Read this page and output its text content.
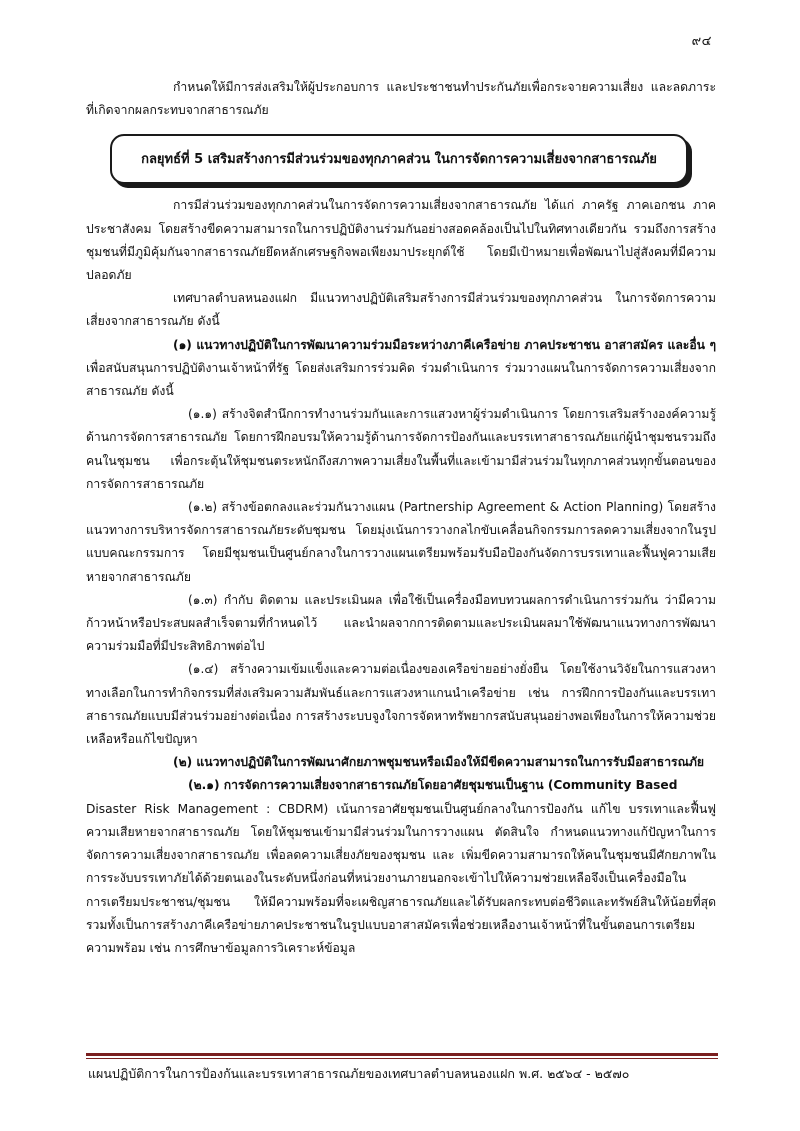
๙๔

กำหนดให้มีการส่งเสริมให้ผู้ประกอบการ และประชาชนทำประกันภัยเพื่อกระจายความเสี่ยง และลดภาระที่เกิดจากผลกระทบจากสาธารณภัย

กลยุทธ์ที่ 5 เสริมสร้างการมีส่วนร่วมของทุกภาคส่วน ในการจัดการความเสี่ยงจากสาธารณภัย

การมีส่วนร่วมของทุกภาคส่วนในการจัดการความเสี่ยงจากสาธารณภัย ได้แก่ ภาครัฐ ภาคเอกชน ภาคประชาสังคม โดยสร้างขีดความสามารถในการปฏิบัติงานร่วมกันอย่างสอดคล้องเป็นไปในทิศทางเดียวกัน รวมถึงการสร้างชุมชนที่มีภูมิคุ้มกันจากสาธารณภัยยึดหลักเศรษฐกิจพอเพียงมาประยุกต์ใช้ โดยมีเป้าหมายเพื่อพัฒนาไปสู่สังคมที่มีความปลอดภัย

เทศบาลตำบลหนองแฝก มีแนวทางปฏิบัติเสริมสร้างการมีส่วนร่วมของทุกภาคส่วน ในการจัดการความเสี่ยงจากสาธารณภัย ดังนี้

(๑) แนวทางปฏิบัติในการพัฒนาความร่วมมือระหว่างภาคีเครือข่าย ภาคประชาชน อาสาสมัคร และอื่น ๆ เพื่อสนับสนุนการปฏิบัติงานเจ้าหน้าที่รัฐ โดยส่งเสริมการร่วมคิด ร่วมดำเนินการ ร่วมวางแผนในการจัดการความเสี่ยงจากสาธารณภัย ดังนี้

(๑.๑) สร้างจิตสำนึกการทำงานร่วมกันและการแสวงหาผู้ร่วมดำเนินการ โดยการเสริมสร้างองค์ความรู้ด้านการจัดการสาธารณภัย โดยการฝึกอบรมให้ความรู้ด้านการจัดการป้องกันและบรรเทาสาธารณภัยแก่ผู้นำชุมชนรวมถึงคนในชุมชน เพื่อกระตุ้นให้ชุมชนตระหนักถึงสภาพความเสี่ยงในพื้นที่และเข้ามามีส่วนร่วมในทุกภาคส่วนทุกขั้นตอนของการจัดการสาธารณภัย

(๑.๒) สร้างข้อตกลงและร่วมกันวางแผน (Partnership Agreement & Action Planning) โดยสร้างแนวทางการบริหารจัดการสาธารณภัยระดับชุมชน โดยมุ่งเน้นการวางกลไกขับเคลื่อนกิจกรรมการลดความเสี่ยงจากในรูปแบบคณะกรรมการ โดยมีชุมชนเป็นศูนย์กลางในการวางแผนเตรียมพร้อมรับมือป้องกันจัดการบรรเทาและฟื้นฟูความเสียหายจากสาธารณภัย

(๑.๓) กำกับ ติดตาม และประเมินผล เพื่อใช้เป็นเครื่องมือทบทวนผลการดำเนินการร่วมกัน ว่ามีความก้าวหน้าหรือประสบผลสำเร็จตามที่กำหนดไว้ และนำผลจากการติดตามและประเมินผลมาใช้พัฒนาแนวทางการพัฒนาความร่วมมือที่มีประสิทธิภาพต่อไป

(๑.๔) สร้างความเข้มแข็งและความต่อเนื่องของเครือข่ายอย่างยั่งยืน โดยใช้งานวิจัยในการแสวงหาทางเลือกในการทำกิจกรรมที่ส่งเสริมความสัมพันธ์และการแสวงหาแกนนำเครือข่าย เช่น การฝึกการป้องกันและบรรเทาสาธารณภัยแบบมีส่วนร่วมอย่างต่อเนื่อง การสร้างระบบจูงใจการจัดหาทรัพยากรสนับสนุนอย่างพอเพียงในการให้ความช่วยเหลือหรือแก้ไขปัญหา

(๒) แนวทางปฏิบัติในการพัฒนาศักยภาพชุมชนหรือเมืองให้มีขีดความสามารถในการรับมือสาธารณภัย

(๒.๑) การจัดการความเสี่ยงจากสาธารณภัยโดยอาศัยชุมชนเป็นฐาน (Community Based

Disaster Risk Management : CBDRM) เน้นการอาศัยชุมชนเป็นศูนย์กลางในการป้องกัน แก้ไข บรรเทาและฟื้นฟูความเสียหายจากสาธารณภัย โดยให้ชุมชนเข้ามามีส่วนร่วมในการวางแผน ตัดสินใจ กำหนดแนวทางแก้ปัญหาในการจัดการความเสี่ยงจากสาธารณภัย เพื่อลดความเสี่ยงภัยของชุมชน และ เพิ่มขีดความสามารถให้คนในชุมชนมีศักยภาพในการระงับบรรเทาภัยได้ด้วยตนเองในระดับหนึ่งก่อนที่หน่วยงานภายนอกจะเข้าไปให้ความช่วยเหลือจึงเป็นเครื่องมือในการเตรียมประชาชน/ชุมชน ให้มีความพร้อมที่จะเผชิญสาธารณภัยและได้รับผลกระทบต่อชีวิตและทรัพย์สินให้น้อยที่สุดรวมทั้งเป็นการสร้างภาคีเครือข่ายภาคประชาชนในรูปแบบอาสาสมัครเพื่อช่วยเหลืองานเจ้าหน้าที่ในขั้นตอนการเตรียมความพร้อม เช่น การศึกษาข้อมูลการวิเคราะห์ข้อมูล

แผนปฏิบัติการในการป้องกันและบรรเทาสาธารณภัยของเทศบาลตำบลหนองแฝก พ.ศ. ๒๕๖๔ - ๒๕๗๐
